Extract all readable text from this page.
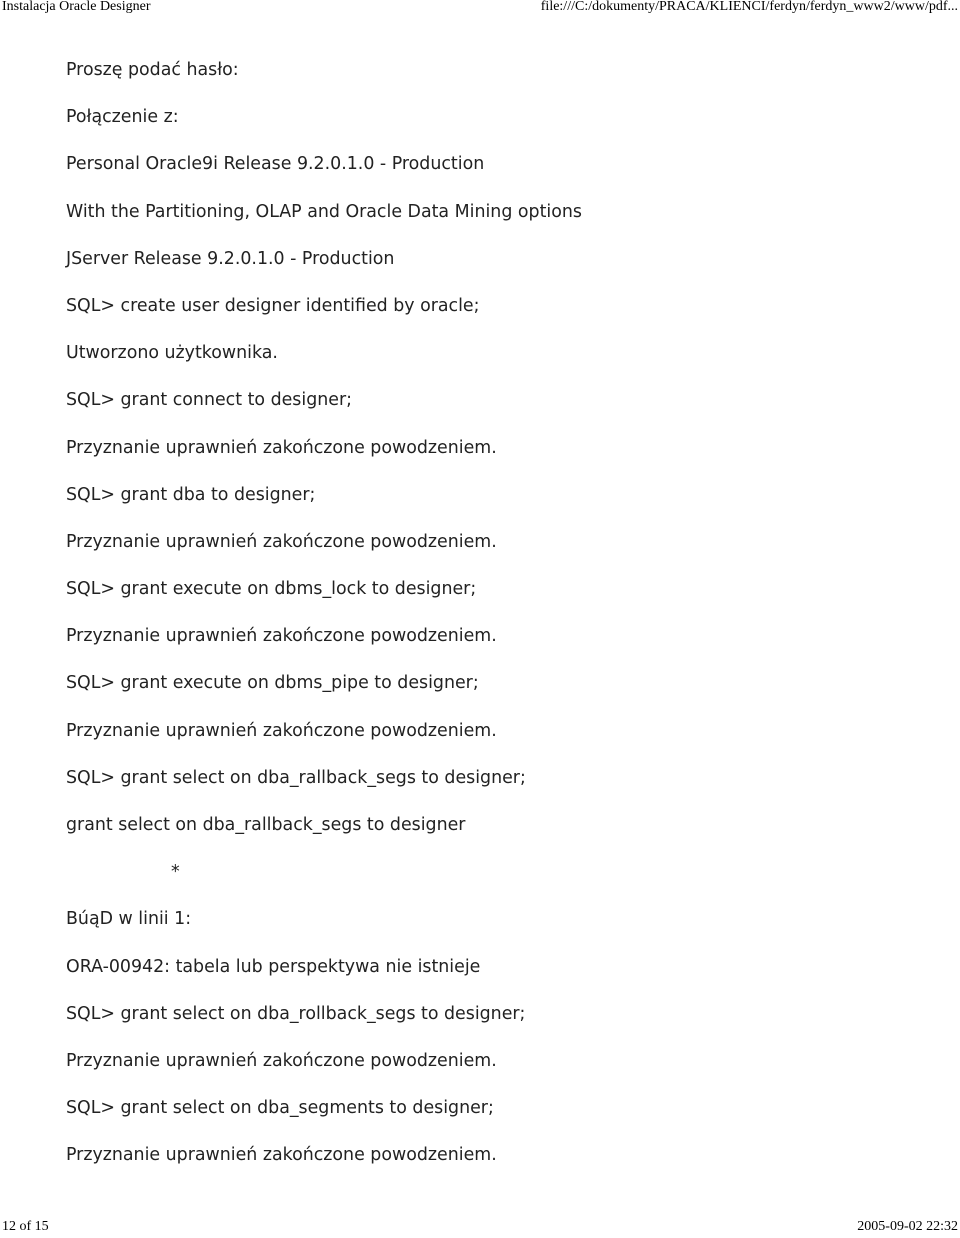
Instalacja Oracle Designer	file:///C:/dokumenty/PRACA/KLIENCI/ferdyn/ferdyn_www2/www/pdf...
Proszę podać hasło:
Połączenie z:
Personal Oracle9i Release 9.2.0.1.0 - Production
With the Partitioning, OLAP and Oracle Data Mining options
JServer Release 9.2.0.1.0 - Production
SQL> create user designer identified by oracle;
Utworzono użytkownika.
SQL> grant connect to designer;
Przyznanie uprawnień zakończone powodzeniem.
SQL> grant dba to designer;
Przyznanie uprawnień zakończone powodzeniem.
SQL> grant execute on dbms_lock to designer;
Przyznanie uprawnień zakończone powodzeniem.
SQL> grant execute on dbms_pipe to designer;
Przyznanie uprawnień zakończone powodzeniem.
SQL> grant select on dba_rallback_segs to designer;
grant select on dba_rallback_segs to designer
*
BúąD w linii 1:
ORA-00942: tabela lub perspektywa nie istnieje
SQL> grant select on dba_rollback_segs to designer;
Przyznanie uprawnień zakończone powodzeniem.
SQL> grant select on dba_segments to designer;
Przyznanie uprawnień zakończone powodzeniem.
12 of 15	2005-09-02 22:32
